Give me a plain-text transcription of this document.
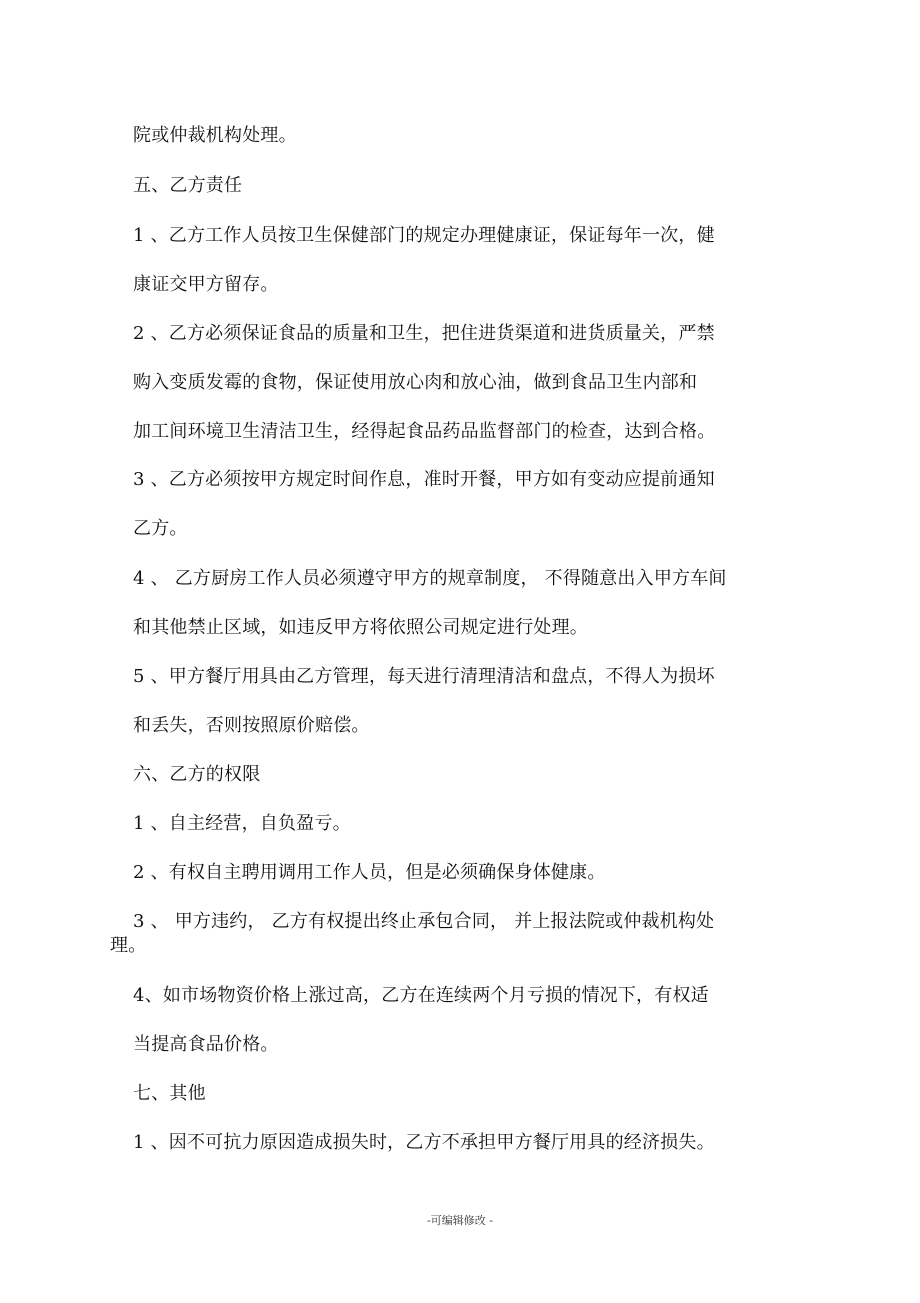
院或仲裁机构处理。
五、乙方责任
1 、乙方工作人员按卫生保健部门的规定办理健康证，保证每年一次，健
康证交甲方留存。
2 、乙方必须保证食品的质量和卫生，把住进货渠道和进货质量关，严禁
购入变质发霉的食物，保证使用放心肉和放心油，做到食品卫生内部和
加工间环境卫生清洁卫生，经得起食品药品监督部门的检查，达到合格。
3 、乙方必须按甲方规定时间作息，准时开餐，甲方如有变动应提前通知
乙方。
4 、 乙方厨房工作人员必须遵守甲方的规章制度， 不得随意出入甲方车间
和其他禁止区域，如违反甲方将依照公司规定进行处理。
5 、甲方餐厅用具由乙方管理，每天进行清理清洁和盘点，不得人为损坏
和丢失，否则按照原价赔偿。
六、乙方的权限
1 、自主经营，自负盈亏。
2 、有权自主聘用调用工作人员，但是必须确保身体健康。
3 、 甲方违约， 乙方有权提出终止承包合同， 并上报法院或仲裁机构处
理。
4、如市场物资价格上涨过高，乙方在连续两个月亏损的情况下，有权适
当提高食品价格。
七、其他
1 、因不可抗力原因造成损失时，乙方不承担甲方餐厅用具的经济损失。
-可编辑修改 -
